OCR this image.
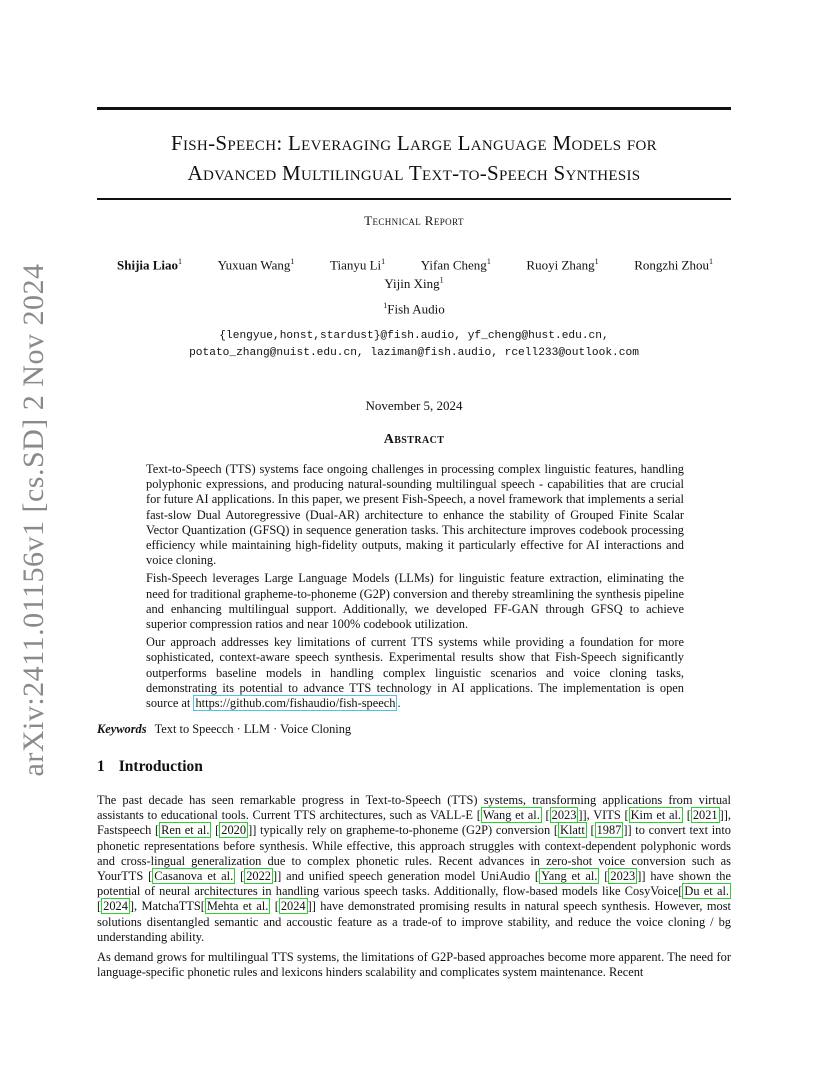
arXiv:2411.01156v1 [cs.SD] 2 Nov 2024
Fish-Speech: Leveraging Large Language Models for
Advanced Multilingual Text-to-Speech Synthesis
Technical Report
Shijia Liao$^1$	Yuxuan Wang$^1$	Tianyu Li$^1$	Yifan Cheng$^1$	Ruoyi Zhang$^1$	Rongzhi Zhou$^1$
Yijin Xing$^1$
$^1$Fish Audio
{lengyue,honst,stardust}@fish.audio, yf_cheng@hust.edu.cn,
potato_zhang@nuist.edu.cn, laziman@fish.audio, rcell233@outlook.com
November 5, 2024
Abstract

Text-to-Speech (TTS) systems face ongoing challenges in processing complex linguistic features, handling polyphonic expressions, and producing natural-sounding multilingual speech - capabilities that are crucial for future AI applications. In this paper, we present Fish-Speech, a novel framework that implements a serial fast-slow Dual Autoregressive (Dual-AR) architecture to enhance the stability of Grouped Finite Scalar Vector Quantization (GFSQ) in sequence generation tasks. This architecture improves codebook processing efficiency while maintaining high-fidelity outputs, making it particularly effective for AI interactions and voice cloning.

Fish-Speech leverages Large Language Models (LLMs) for linguistic feature extraction, eliminating the need for traditional grapheme-to-phoneme (G2P) conversion and thereby streamlining the synthesis pipeline and enhancing multilingual support. Additionally, we developed FF-GAN through GFSQ to achieve superior compression ratios and near 100% codebook utilization.

Our approach addresses key limitations of current TTS systems while providing a foundation for more sophisticated, context-aware speech synthesis. Experimental results show that Fish-Speech significantly outperforms baseline models in handling complex linguistic scenarios and voice cloning tasks, demonstrating its potential to advance TTS technology in AI applications. The implementation is open source at https://github.com/fishaudio/fish-speech .

Keywords Text to Speecch · LLM · Voice Cloning
1 Introduction

The past decade has seen remarkable progress in Text-to-Speech (TTS) systems, transforming applications from virtual assistants to educational tools. Current TTS architectures, such as VALL-E [ Wang et al. [ 2023 ]], VITS [ Kim et al. [ 2021 ]], Fastspeech [ Ren et al. [ 2020 ]] typically rely on grapheme-to-phoneme (G2P) conversion [ Klatt [ 1987 ]] to convert text into phonetic representations before synthesis. While effective, this approach struggles with context-dependent polyphonic words and cross-lingual generalization due to complex phonetic rules. Recent advances in zero-shot voice conversion such as YourTTS [ Casanova et al. [ 2022 ]] and unified speech generation model UniAudio [ Yang et al. [ 2023 ]] have shown the potential of neural architectures in handling various speech tasks. Additionally, flow-based models like CosyVoice[ Du et al. [ 2024 ], MatchaTTS[ Mehta et al. [ 2024 ]] have demonstrated promising results in natural speech synthesis. However, most solutions disentangled semantic and accoustic feature as a trade-of to improve stability, and reduce the voice cloning / bg understanding ability.

As demand grows for multilingual TTS systems, the limitations of G2P-based approaches become more apparent. The need for language-specific phonetic rules and lexicons hinders scalability and complicates system maintenance. Recent
